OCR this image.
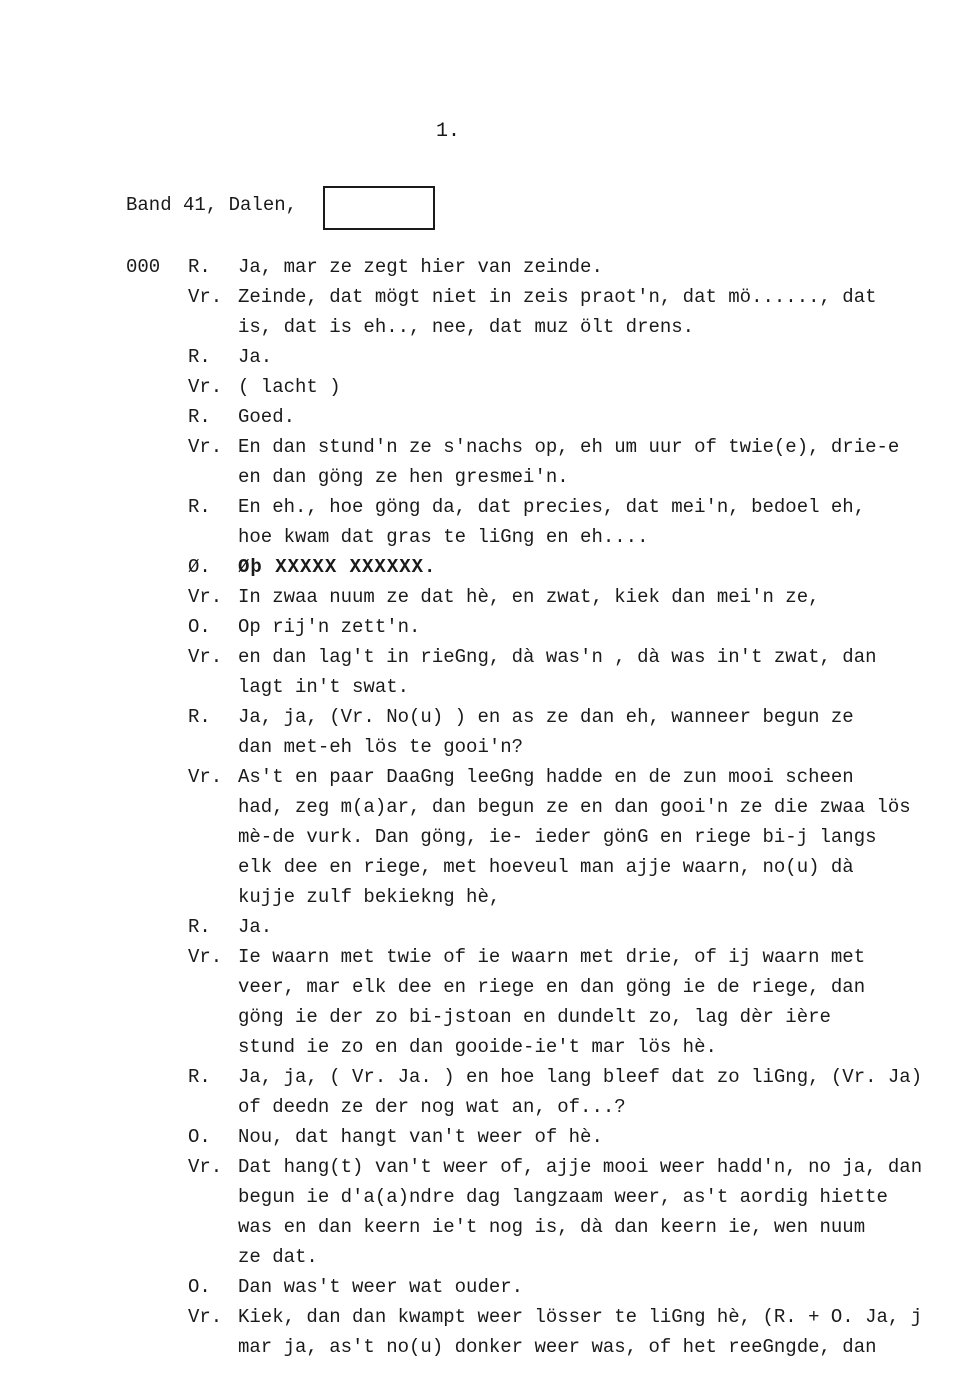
1.
Band 41, Dalen,
000 R. Ja, mar ze zegt hier van zeinde.
Vr. Zeinde, dat mögt niet in zeis praot'n, dat mö......, dat
is, dat is eh.., nee, dat muz ölt drens.
R. Ja.
Vr. ( lacht )
R. Goed.
Vr. En dan stund'n ze s'nachs op, eh um uur of twie(e), drie-e
en dan göng ze hen gresmei'n.
R. En eh., hoe göng da, dat precies, dat mei'n, bedoel eh,
hoe kwam dat gras te liGng en eh....
Ø. Øþ XXXXX XXXXXX.
Vr. In zwaa nuum ze dat hè, en zwat, kiek dan mei'n ze,
O. Op rij'n zett'n.
Vr. en dan lag't in rieGng, dà was'n , dà was in't zwat, dan
lagt in't swat.
R. Ja, ja, (Vr. No(u) ) en as ze dan eh, wanneer begun ze
dan met-eh lös te gooi'n?
Vr. As't en paar DaaGng leeGng hadde en de zun mooi scheen
had, zeg m(a)ar, dan begun ze en dan gooi'n ze die zwaa lös
mè-de vurk. Dan göng, ie- ieder gönG en riege bi-j langs
elk dee en riege, met hoeveul man ajje waarn, no(u) dà
kujje zulf bekiekng hè,
R. Ja.
Vr. Ie waarn met twie of ie waarn met drie, of ij waarn met
veer, mar elk dee en riege en dan göng ie de riege, dan
göng ie der zo bi-jstoan en dundelt zo, lag dèr ière
stund ie zo en dan gooide-ie't mar lös hè.
R. Ja, ja, ( Vr. Ja. ) en hoe lang bleef dat zo liGng, (Vr. Ja)
of deedn ze der nog wat an, of...?
O. Nou, dat hangt van't weer of hè.
Vr. Dat hang(t) van't weer of, ajje mooi weer hadd'n, no ja, dan
begun ie d'a(a)ndre dag langzaam weer, as't aordig hiette
was en dan keern ie't nog is, dà dan keern ie, wen nuum
ze dat.
O. Dan was't weer wat ouder.
Vr. Kiek, dan dan kwampt weer lösser te liGng hè, (R. + O. Ja, j
mar ja, as't no(u) donker weer was, of het reeGngde, dan
